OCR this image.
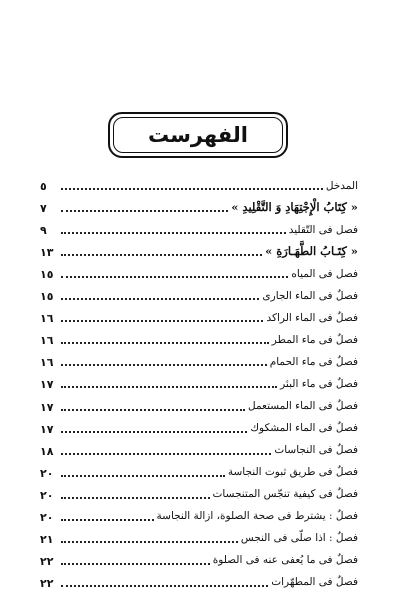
الفهرست
المدخل
٥
« كِتَابُ الْإِجْتِهَادِ وَ التَّقْلِيدِ »
٧
فصل فى التّقليد
٩
« كِتَـابُ الطَّهَـارَةِ »
١٣
فصل فى المياه
١٥
فصلٌ فى الماء الجارى
١٥
فصلٌ فى الماء الراكد
١٦
فصلٌ فى ماء المطر
١٦
فصلٌ فى ماء الحمام
١٦
فصلٌ فى ماء البئر
١٧
فصلٌ فى الماء المستعمل
١٧
فصلٌ فى الماء المشكوك
١٧
فصلٌ فى النجاسات
١٨
فصلٌ فى طريق ثبوت النجاسة
٢٠
فصلٌ فى كيفية تنجّس المتنجسات
٢٠
فصلٌ : يشترط فى صحة الصلوة، ازالة النجاسة
٢٠
فصلٌ : اذا صلّى فى النجس
٢١
فصلٌ فى ما يُعفى عنه فى الصلوة
٢٢
فصلٌ فى المطهّرات
٢٢
